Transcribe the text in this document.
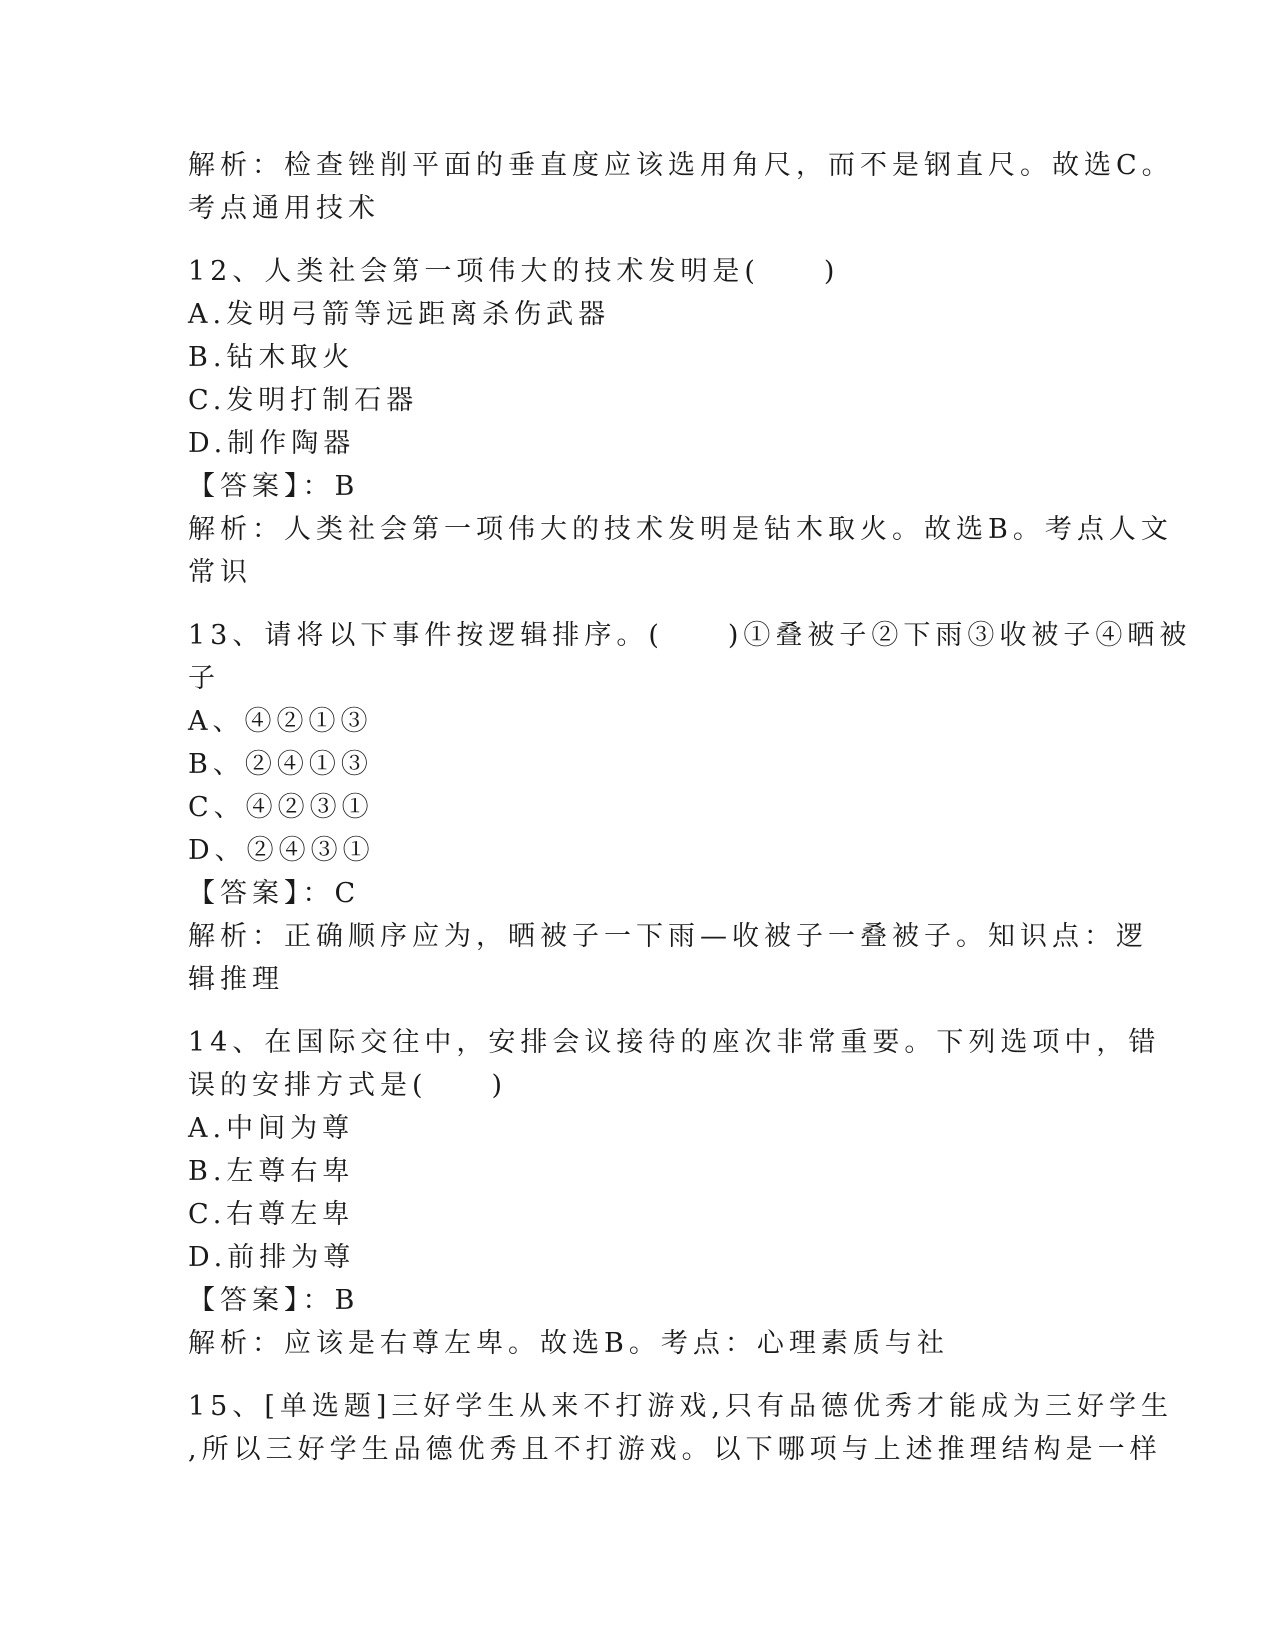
解析：检查锉削平面的垂直度应该选用角尺，而不是钢直尺。故选C。
考点通用技术
12、人类社会第一项伟大的技术发明是(　　)
A.发明弓箭等远距离杀伤武器
B.钻木取火
C.发明打制石器
D.制作陶器
【答案】：B
解析：人类社会第一项伟大的技术发明是钻木取火。故选B。考点人文
常识
13、请将以下事件按逻辑排序。(　　)①叠被子②下雨③收被子④晒被
子
A、④②①③
B、②④①③
C、④②③①
D、②④③①
【答案】：C
解析：正确顺序应为，晒被子一下雨—收被子一叠被子。知识点：逻
辑推理
14、在国际交往中，安排会议接待的座次非常重要。下列选项中，错
误的安排方式是(　　)
A.中间为尊
B.左尊右卑
C.右尊左卑
D.前排为尊
【答案】：B
解析：应该是右尊左卑。故选B。考点：心理素质与社
15、[单选题]三好学生从来不打游戏,只有品德优秀才能成为三好学生
,所以三好学生品德优秀且不打游戏。以下哪项与上述推理结构是一样
